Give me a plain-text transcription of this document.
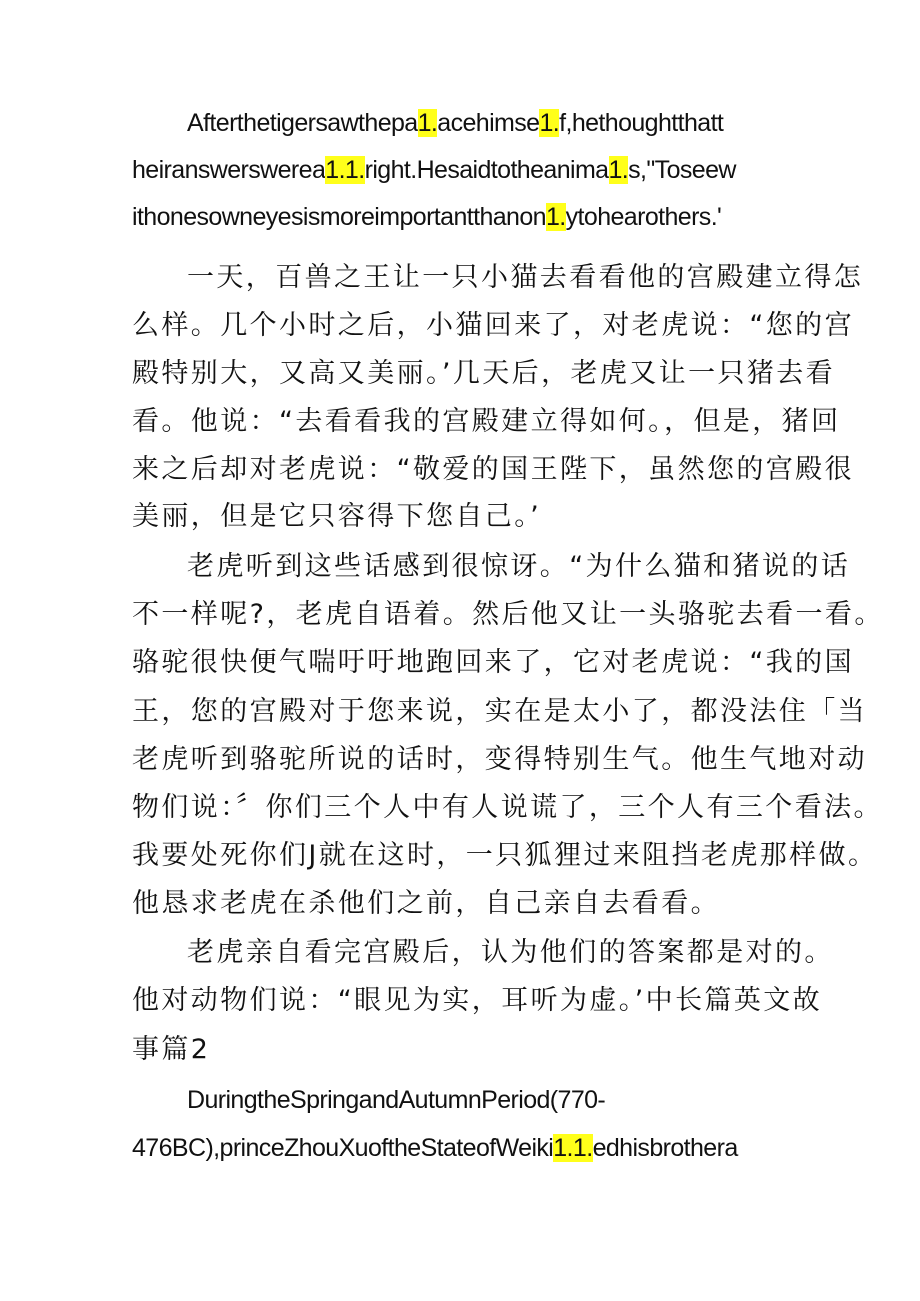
Afterthetigersawthepa1.acehimse1.f,hethoughtthatt
heiranswerswerea1.1.right.Hesaidtotheanima1.s,"Toseew
ithonesowneyesismoreimportantthanon1.ytohearothers.'
一天，百兽之王让一只小猫去看看他的宫殿建立得怎
么样。几个小时之后，小猫回来了，对老虎说：“您的宫
殿特别大，又高又美丽。’几天后，老虎又让一只猪去看
看。他说：“去看看我的宫殿建立得如何。，但是，猪回
来之后却对老虎说：“敬爱的国王陛下，虽然您的宫殿很
美丽，但是它只容得下您自己。’
老虎听到这些话感到很惊讶。“为什么猫和猪说的话
不一样呢?，老虎自语着。然后他又让一头骆驼去看一看。
骆驼很快便气喘吁吁地跑回来了，它对老虎说：“我的国
王，您的宫殿对于您来说，实在是太小了，都没法住「当
老虎听到骆驼所说的话时，变得特别生气。他生气地对动
物们说：〞你们三个人中有人说谎了，三个人有三个看法。
我要处死你们J就在这时，一只狐狸过来阻挡老虎那样做。
他恳求老虎在杀他们之前，自己亲自去看看。
老虎亲自看完宫殿后，认为他们的答案都是对的。
他对动物们说：“眼见为实，耳听为虚。’中长篇英文故
事篇2
DuringtheSpringandAutumnPeriod(770-
476BC),princeZhouXuoftheStateofWeiki1.1.edhisbrothera
